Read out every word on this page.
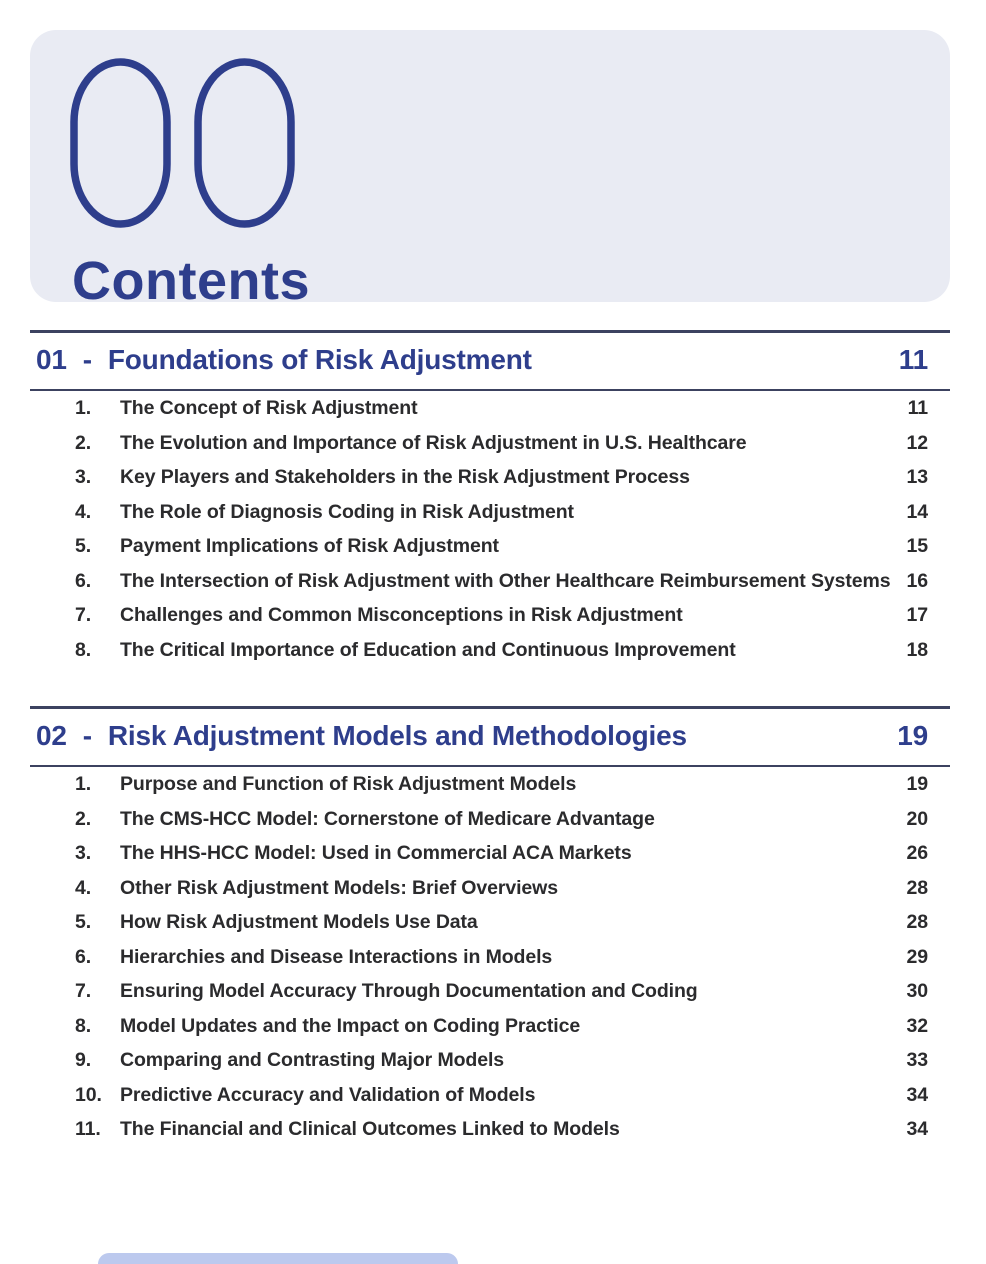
Contents
01 - Foundations of Risk Adjustment	11
1.	The Concept of Risk Adjustment	11
2.	The Evolution and Importance of Risk Adjustment in U.S. Healthcare	12
3.	Key Players and Stakeholders in the Risk Adjustment Process	13
4.	The Role of Diagnosis Coding in Risk Adjustment	14
5.	Payment Implications of Risk Adjustment	15
6.	The Intersection of Risk Adjustment with Other Healthcare Reimbursement Systems 16
7.	Challenges and Common Misconceptions in Risk Adjustment	17
8.	The Critical Importance of Education and Continuous Improvement	18
02 - Risk Adjustment Models and Methodologies	19
1.	Purpose and Function of Risk Adjustment Models	19
2.	The CMS-HCC Model: Cornerstone of Medicare Advantage	20
3.	The HHS-HCC Model: Used in Commercial ACA Markets	26
4.	Other Risk Adjustment Models: Brief Overviews	28
5.	How Risk Adjustment Models Use Data	28
6.	Hierarchies and Disease Interactions in Models	29
7.	Ensuring Model Accuracy Through Documentation and Coding	30
8.	Model Updates and the Impact on Coding Practice	32
9.	Comparing and Contrasting Major Models	33
10. Predictive Accuracy and Validation of Models	34
11. The Financial and Clinical Outcomes Linked to Models	34
